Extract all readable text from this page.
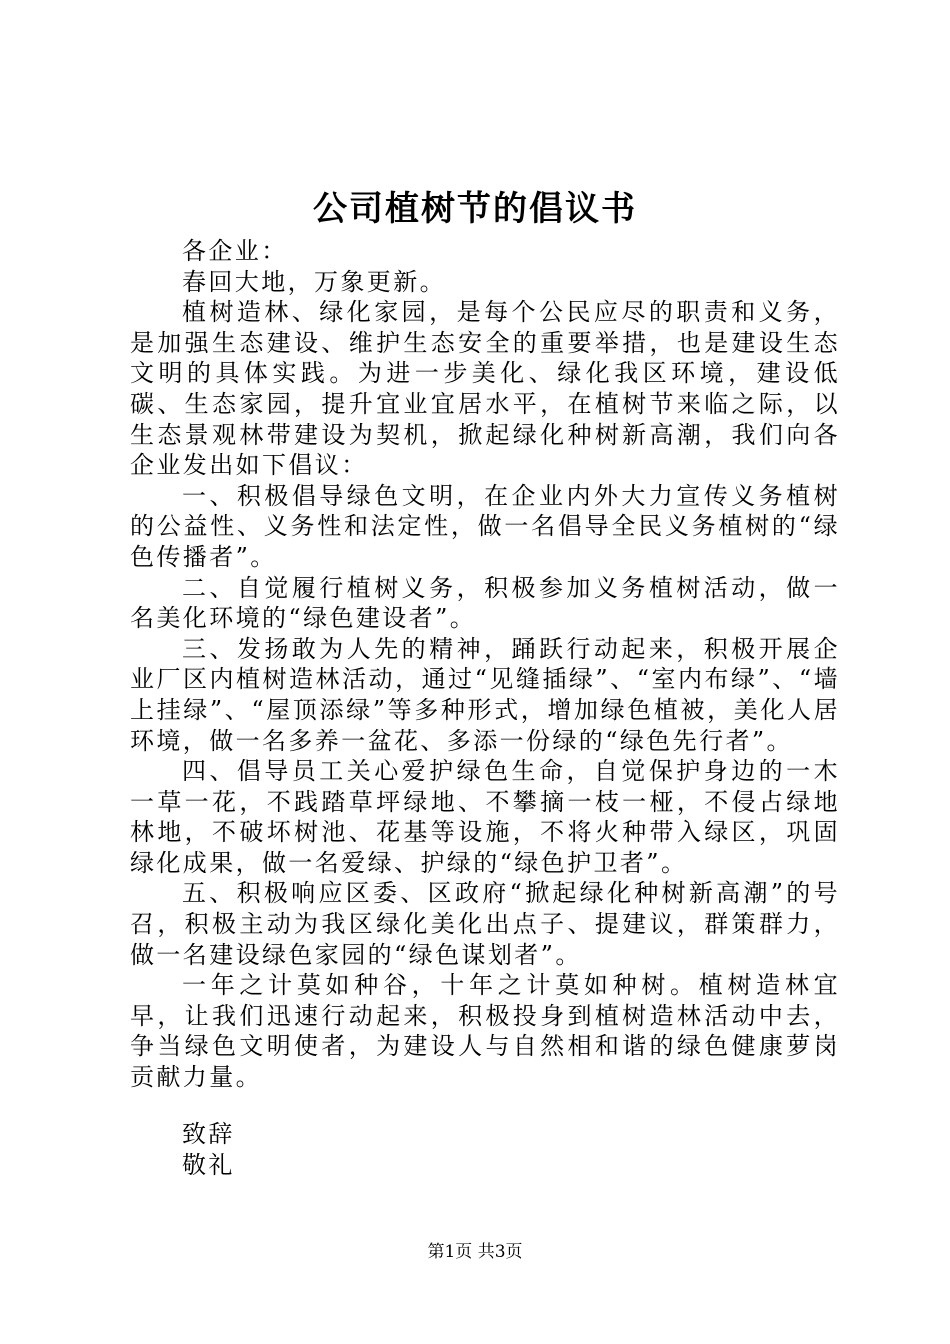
公司植树节的倡议书

各企业：

春回大地，万象更新。

植树造林、绿化家园，是每个公民应尽的职责和义务，是加强生态建设、维护生态安全的重要举措，也是建设生态文明的具体实践。为进一步美化、绿化我区环境，建设低碳、生态家园，提升宜业宜居水平，在植树节来临之际，以生态景观林带建设为契机，掀起绿化种树新高潮，我们向各企业发出如下倡议：

一、积极倡导绿色文明，在企业内外大力宣传义务植树的公益性、义务性和法定性，做一名倡导全民义务植树的“绿色传播者”。

二、自觉履行植树义务，积极参加义务植树活动，做一名美化环境的“绿色建设者”。

三、发扬敢为人先的精神，踊跃行动起来，积极开展企业厂区内植树造林活动，通过“见缝插绿”、“室内布绿”、“墙上挂绿”、“屋顶添绿”等多种形式，增加绿色植被，美化人居环境，做一名多养一盆花、多添一份绿的“绿色先行者”。

四、倡导员工关心爱护绿色生命，自觉保护身边的一木一草一花，不践踏草坪绿地、不攀摘一枝一桠，不侵占绿地林地，不破坏树池、花基等设施，不将火种带入绿区，巩固绿化成果，做一名爱绿、护绿的“绿色护卫者”。

五、积极响应区委、区政府“掀起绿化种树新高潮”的号召，积极主动为我区绿化美化出点子、提建议，群策群力，做一名建设绿色家园的“绿色谋划者”。

一年之计莫如种谷，十年之计莫如种树。植树造林宜早，让我们迅速行动起来，积极投身到植树造林活动中去，争当绿色文明使者，为建设人与自然相和谐的绿色健康萝岗贡献力量。

致辞
敬礼
第1页 共3页
